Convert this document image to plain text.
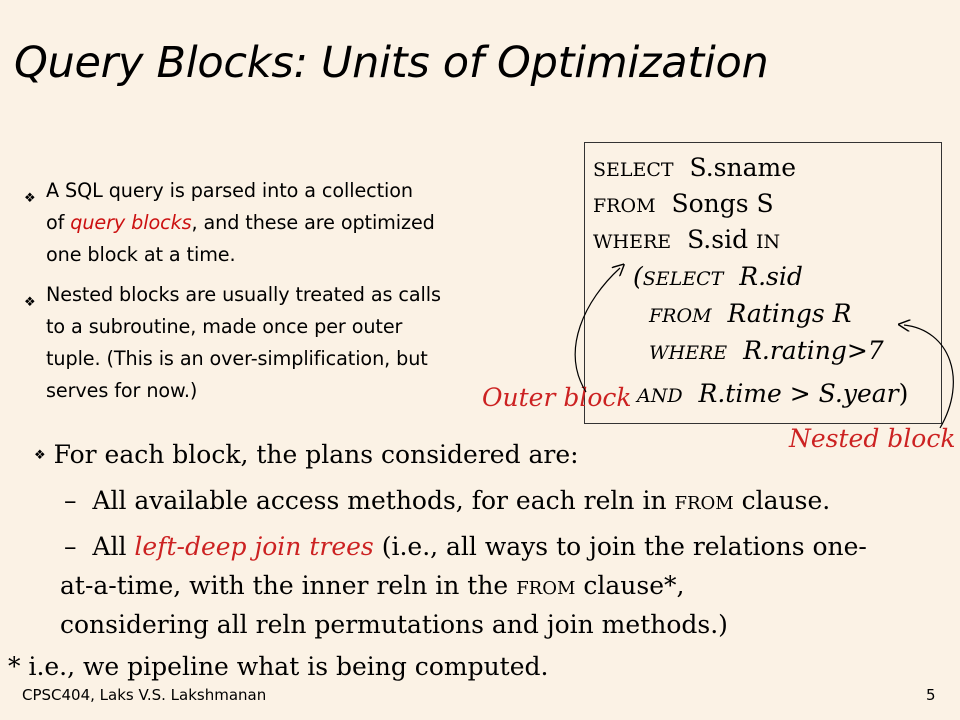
Query Blocks: Units of Optimization
❖ A SQL query is parsed into a collection
of query blocks, and these are optimized
one block at a time.
❖ Nested blocks are usually treated as calls
to a subroutine, made once per outer
tuple. (This is an over-simplification, but
serves for now.)
SELECT S.sname
FROM Songs S
WHERE S.sid IN
(SELECT R.sid
FROM Ratings R
WHERE R.rating>7
AND R.time > S.year)
Outer block
Nested block
❖ For each block, the plans considered are:
– All available access methods, for each reln in FROM clause.
– All left-deep join trees (i.e., all ways to join the relations one-
at-a-time, with the inner reln in the FROM clause*,
considering all reln permutations and join methods.)
* i.e., we pipeline what is being computed.
CPSC404, Laks V.S. Lakshmanan	5
